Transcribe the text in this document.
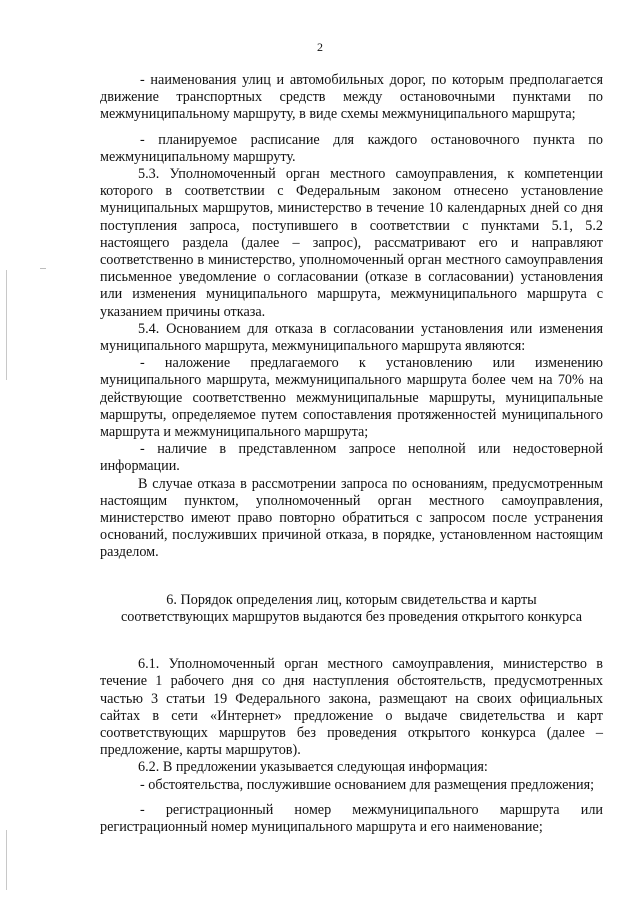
2

- наименования улиц и автомобильных дорог, по которым предполагается движение транспортных средств между остановочными пунктами по межмуниципальному маршруту, в виде схемы межмуниципального маршрута;

- планируемое расписание для каждого остановочного пункта по межмуниципальному маршруту.

5.3. Уполномоченный орган местного самоуправления, к компетенции которого в соответствии с Федеральным законом отнесено установление муниципальных маршрутов, министерство в течение 10 календарных дней со дня поступления запроса, поступившего в соответствии с пунктами 5.1, 5.2 настоящего раздела (далее – запрос), рассматривают его и направляют соответственно в министерство, уполномоченный орган местного самоуправления письменное уведомление о согласовании (отказе в согласовании) установления или изменения муниципального маршрута, межмуниципального маршрута с указанием причины отказа.

5.4. Основанием для отказа в согласовании установления или изменения муниципального маршрута, межмуниципального маршрута являются:

- наложение предлагаемого к установлению или изменению муниципального маршрута, межмуниципального маршрута более чем на 70% на действующие соответственно межмуниципальные маршруты, муниципальные маршруты, определяемое путем сопоставления протяженностей муниципального маршрута и межмуниципального маршрута;

- наличие в представленном запросе неполной или недостоверной информации.

В случае отказа в рассмотрении запроса по основаниям, предусмотренным настоящим пунктом, уполномоченный орган местного самоуправления, министерство имеют право повторно обратиться с запросом после устранения оснований, послуживших причиной отказа, в порядке, установленном настоящим разделом.

6. Порядок определения лиц, которым свидетельства и карты соответствующих маршрутов выдаются без проведения открытого конкурса

6.1. Уполномоченный орган местного самоуправления, министерство в течение 1 рабочего дня со дня наступления обстоятельств, предусмотренных частью 3 статьи 19 Федерального закона, размещают на своих официальных сайтах в сети «Интернет» предложение о выдаче свидетельства и карт соответствующих маршрутов без проведения открытого конкурса (далее – предложение, карты маршрутов).

6.2. В предложении указывается следующая информация:

- обстоятельства, послужившие основанием для размещения предложения;

- регистрационный номер межмуниципального маршрута или регистрационный номер муниципального маршрута и его наименование;
